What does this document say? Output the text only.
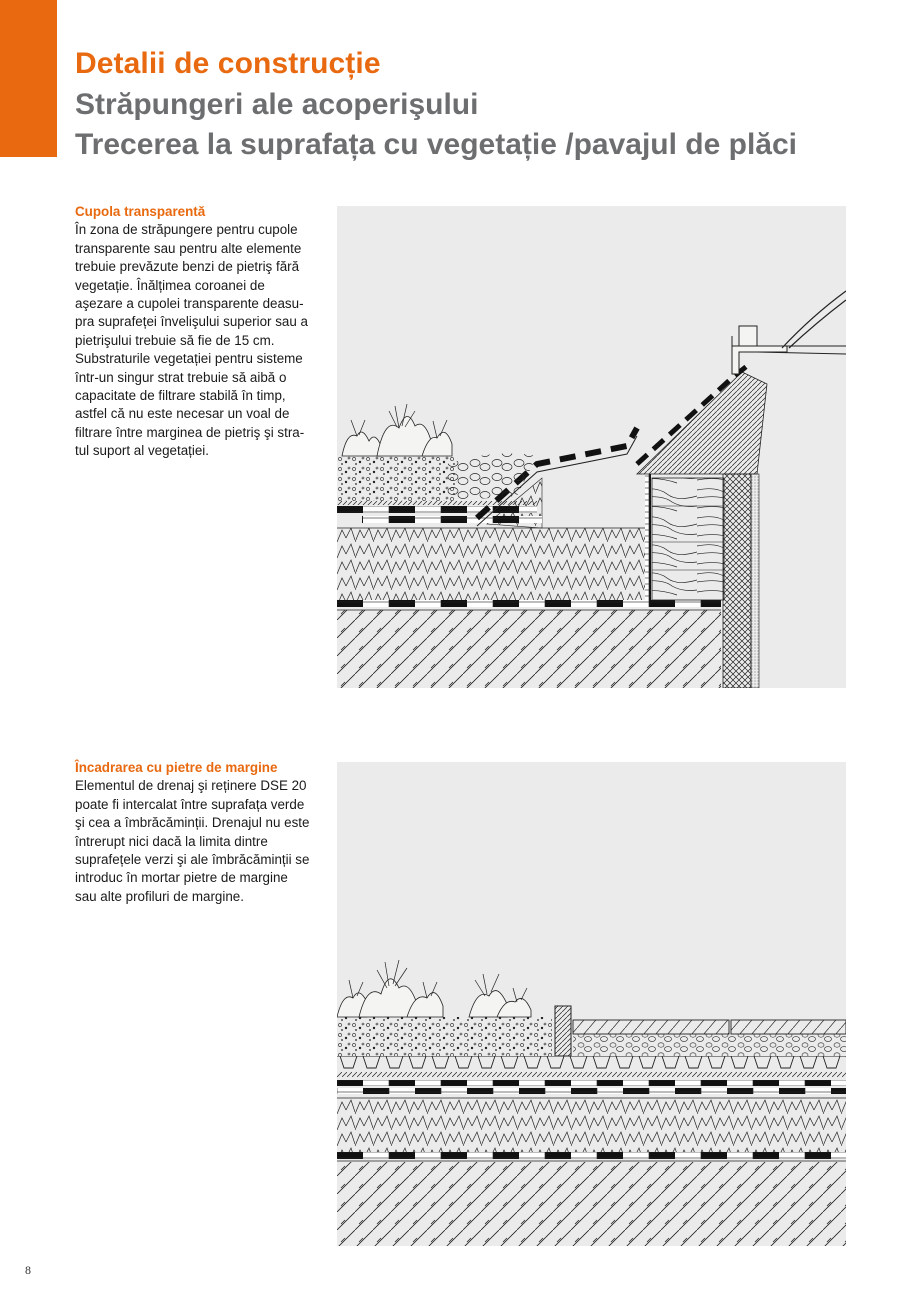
Detalii de construcție
Străpungeri ale acoperişului
Trecerea la suprafața cu vegetație /pavajul de plăci
Cupola transparentă

În zona de străpungere pentru cupole

transparente sau pentru alte elemente

trebuie prevăzute benzi de pietriş fără

vegetație. Înălțimea coroanei de

aşezare a cupolei transparente deasu-

pra suprafeței învelişului superior sau a

pietrişului trebuie să fie de 15 cm.

Substraturile vegetației pentru sisteme

într-un singur strat trebuie să aibă o

capacitate de filtrare stabilă în timp,

astfel că nu este necesar un voal de

filtrare între marginea de pietriş şi stra-

tul suport al vegetației.

Încadrarea cu pietre de margine

Elementul de drenaj şi reținere DSE 20

poate fi intercalat între suprafața verde

şi cea a îmbrăcăminții. Drenajul nu este

întrerupt nici dacă la limita dintre

suprafețele verzi şi ale îmbrăcăminții se

introduc în mortar pietre de margine

sau alte profiluri de margine.

8
